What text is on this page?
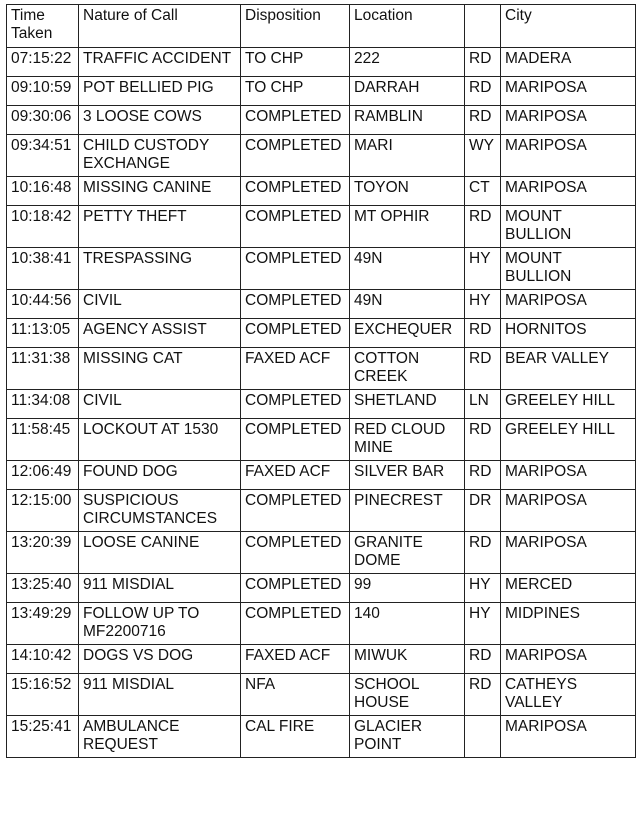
Time Taken	Nature of Call	Disposition	Location		City
07:15:22	TRAFFIC ACCIDENT	TO CHP	222	RD	MADERA
09:10:59	POT BELLIED PIG	TO CHP	DARRAH	RD	MARIPOSA
09:30:06	3 LOOSE COWS	COMPLETED	RAMBLIN	RD	MARIPOSA
09:34:51	CHILD CUSTODY EXCHANGE	COMPLETED	MARI	WY	MARIPOSA
10:16:48	MISSING CANINE	COMPLETED	TOYON	CT	MARIPOSA
10:18:42	PETTY THEFT	COMPLETED	MT OPHIR	RD	MOUNT BULLION
10:38:41	TRESPASSING	COMPLETED	49N	HY	MOUNT BULLION
10:44:56	CIVIL	COMPLETED	49N	HY	MARIPOSA
11:13:05	AGENCY ASSIST	COMPLETED	EXCHEQUER	RD	HORNITOS
11:31:38	MISSING CAT	FAXED ACF	COTTON CREEK	RD	BEAR VALLEY
11:34:08	CIVIL	COMPLETED	SHETLAND	LN	GREELEY HILL
11:58:45	LOCKOUT AT 1530	COMPLETED	RED CLOUD MINE	RD	GREELEY HILL
12:06:49	FOUND DOG	FAXED ACF	SILVER BAR	RD	MARIPOSA
12:15:00	SUSPICIOUS CIRCUMSTANCES	COMPLETED	PINECREST	DR	MARIPOSA
13:20:39	LOOSE CANINE	COMPLETED	GRANITE DOME	RD	MARIPOSA
13:25:40	911 MISDIAL	COMPLETED	99	HY	MERCED
13:49:29	FOLLOW UP TO MF2200716	COMPLETED	140	HY	MIDPINES
14:10:42	DOGS VS DOG	FAXED ACF	MIWUK	RD	MARIPOSA
15:16:52	911 MISDIAL	NFA	SCHOOL HOUSE	RD	CATHEYS VALLEY
15:25:41	AMBULANCE REQUEST	CAL FIRE	GLACIER POINT		MARIPOSA
